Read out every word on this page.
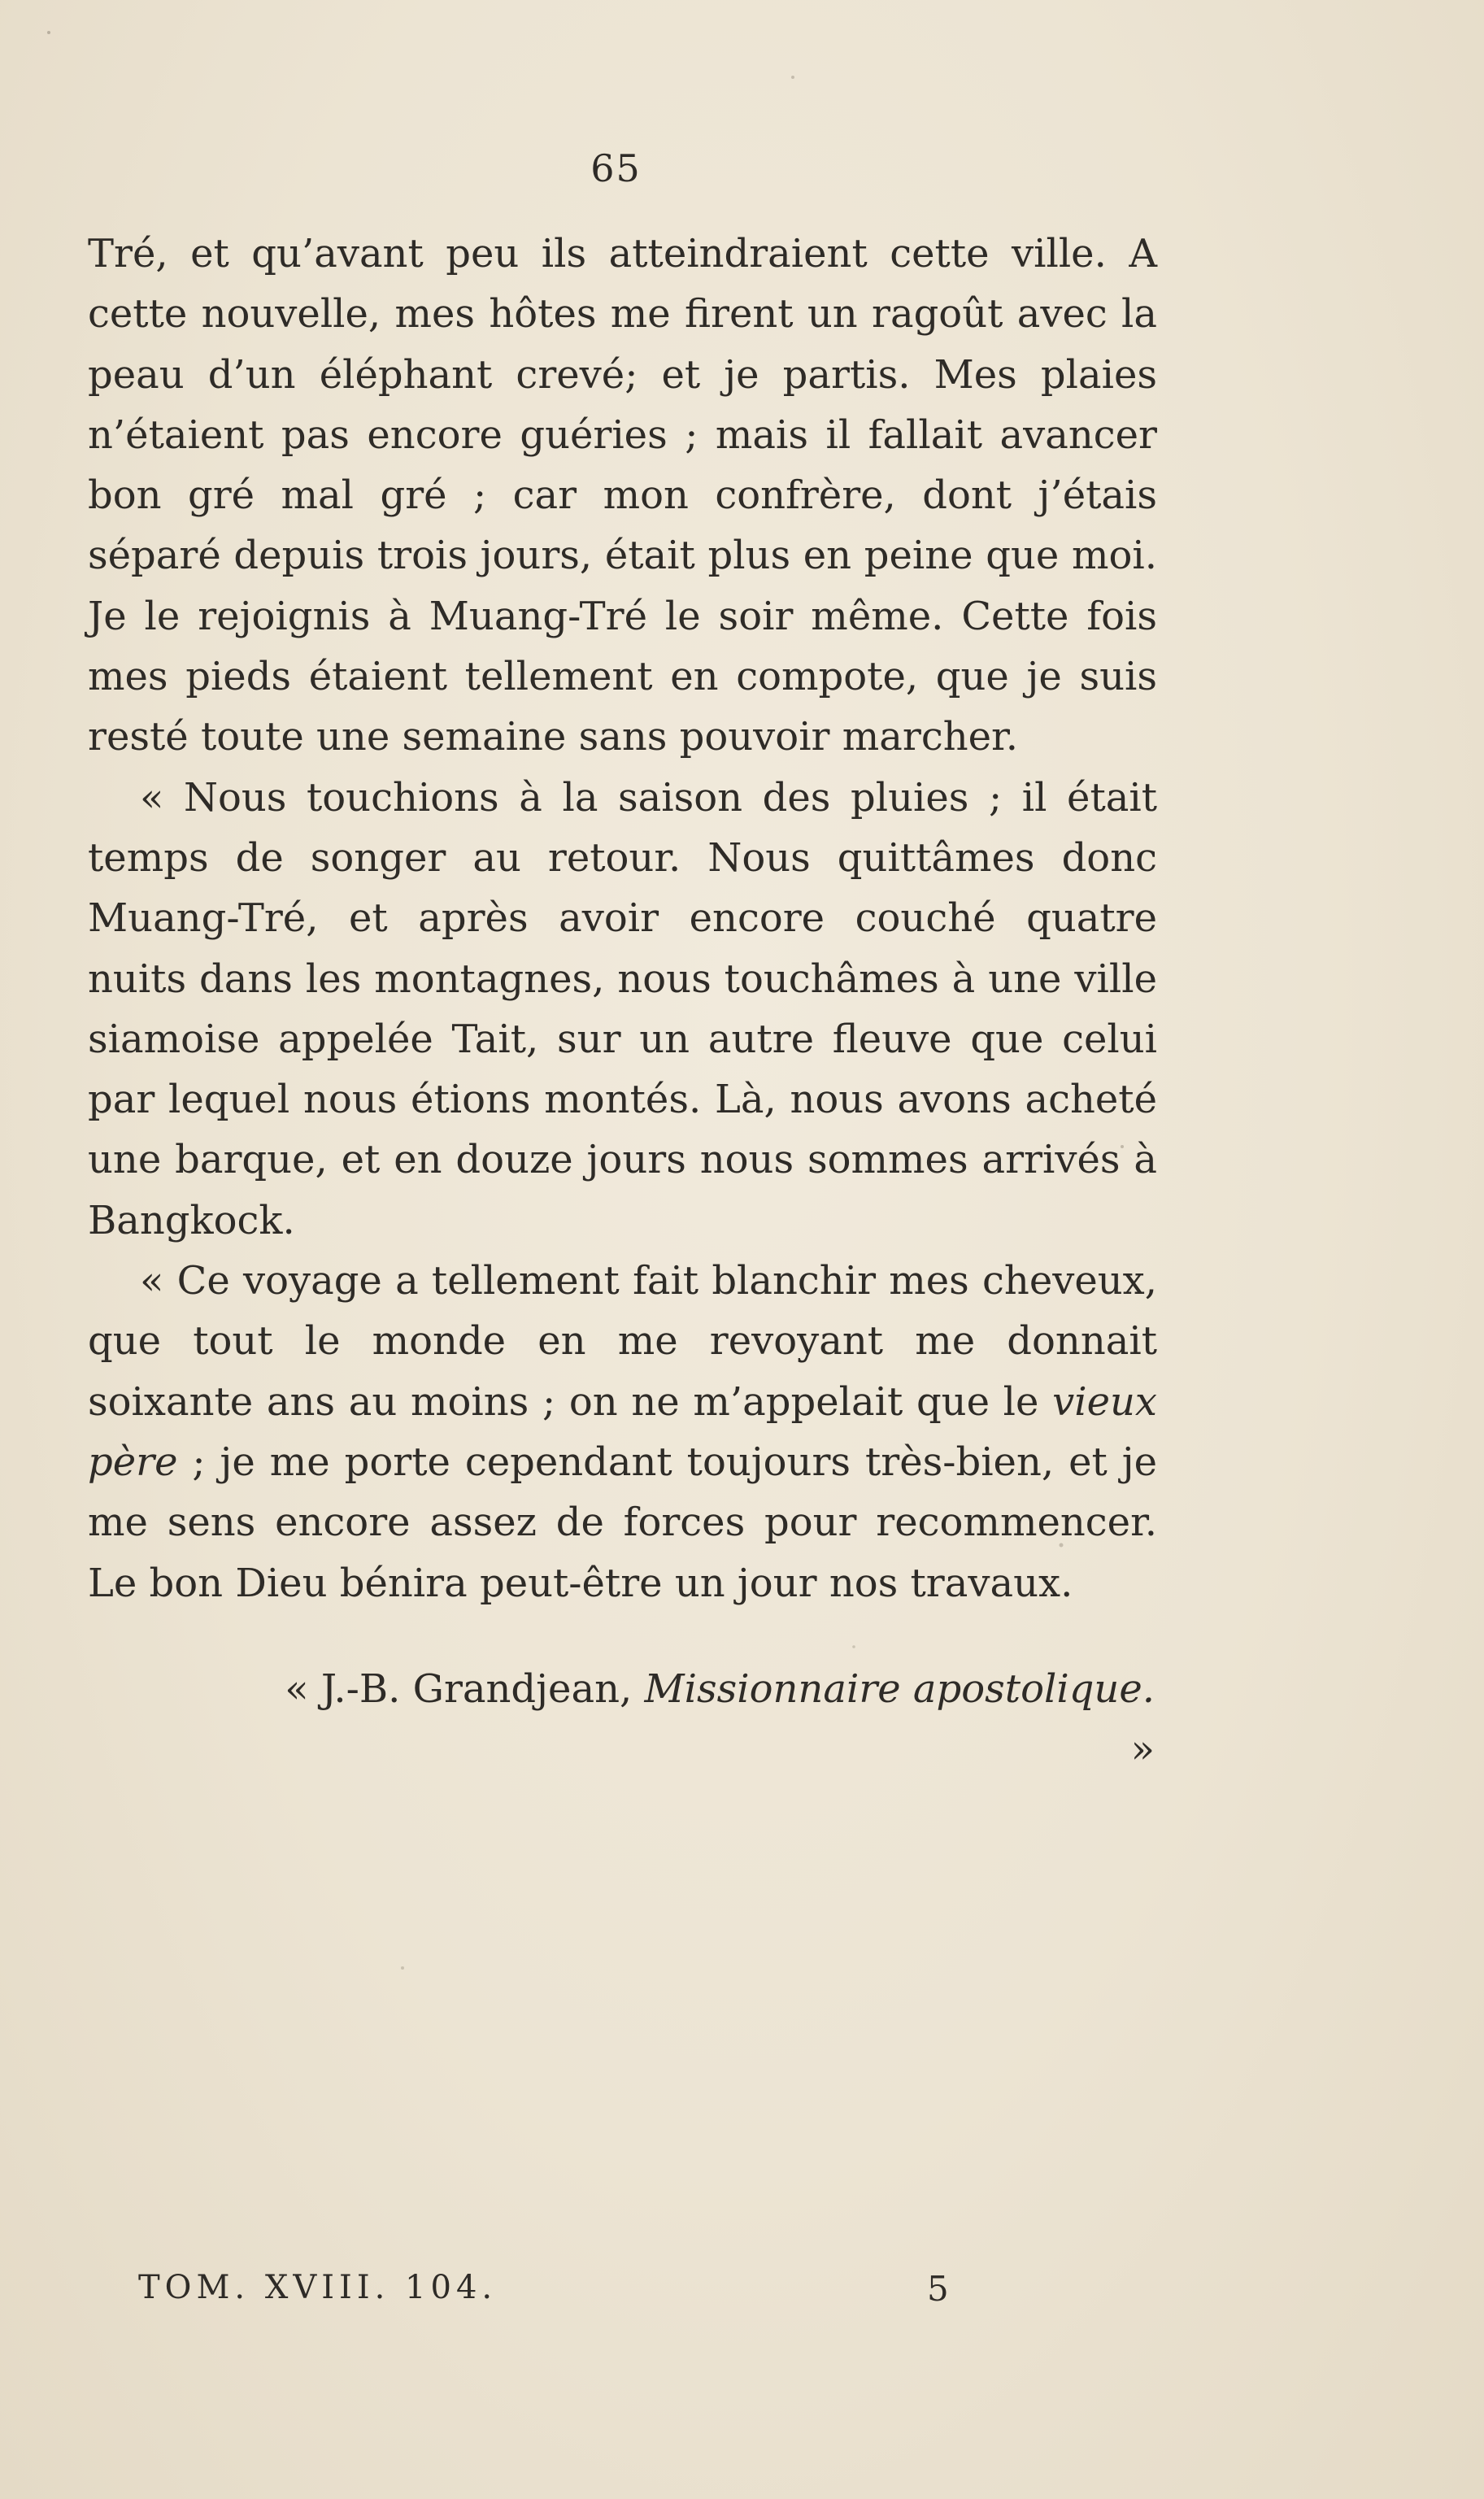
65

Tré, et qu’avant peu ils atteindraient cette ville. A cette nouvelle, mes hôtes me firent un ragoût avec la peau d’un éléphant crevé; et je partis. Mes plaies n’étaient pas encore guéries ; mais il fallait avancer bon gré mal gré ; car mon confrère, dont j’étais séparé depuis trois jours, était plus en peine que moi. Je le rejoignis à Muang-Tré le soir même. Cette fois mes pieds étaient tellement en compote, que je suis resté toute une semaine sans pouvoir marcher.

« Nous touchions à la saison des pluies ; il était temps de songer au retour. Nous quittâmes donc Muang-Tré, et après avoir encore couché quatre nuits dans les montagnes, nous touchâmes à une ville siamoise appelée Tait, sur un autre fleuve que celui par lequel nous étions montés. Là, nous avons acheté une barque, et en douze jours nous sommes arrivés à Bangkock.

« Ce voyage a tellement fait blanchir mes cheveux, que tout le monde en me revoyant me donnait soixante ans au moins ; on ne m’appelait que le vieux père ; je me porte cependant toujours très-bien, et je me sens encore assez de forces pour recommencer. Le bon Dieu bénira peut-être un jour nos travaux.

« J.-B. Grandjean, Missionnaire apostolique. »
TOM. XVIII. 104.	5
